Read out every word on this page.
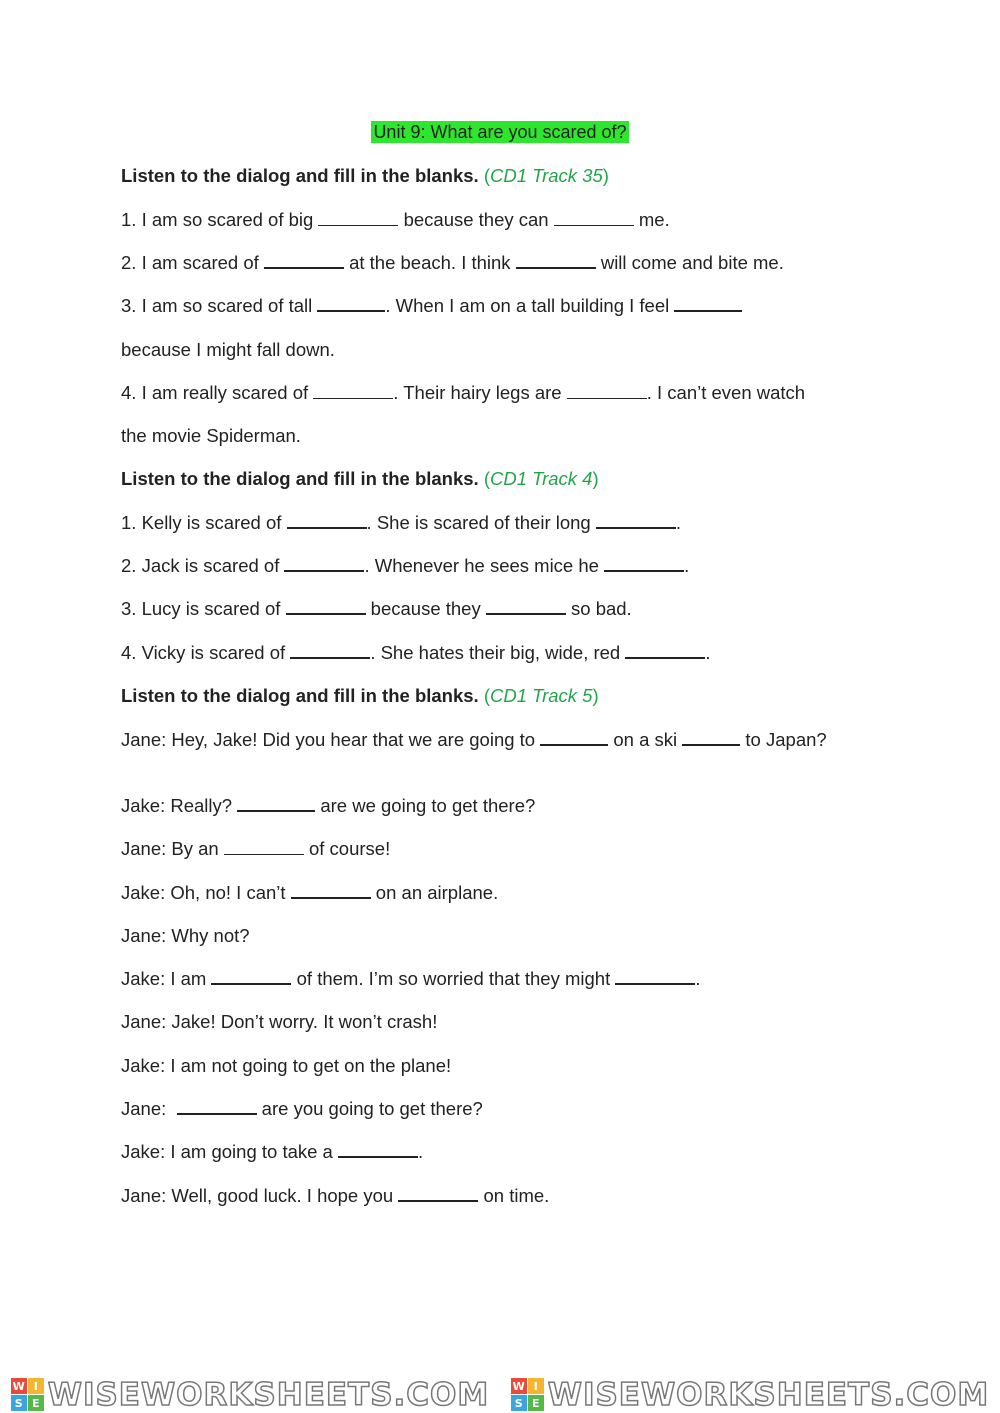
Unit 9: What are you scared of?
Listen to the dialog and fill in the blanks. (CD1 Track 35)
1. I am so scared of big	because they can	me.
2. I am scared of	at the beach. I think	will come and bite me.
3. I am so scared of tall	. When I am on a tall building I feel
because I might fall down.
4. I am really scared of	. Their hairy legs are	. I can’t even watch
the movie Spiderman.
Listen to the dialog and fill in the blanks. (CD1 Track 4)
1. Kelly is scared of	. She is scared of their long	.
2. Jack is scared of	. Whenever he sees mice he	.
3. Lucy is scared of	because they	so bad.
4. Vicky is scared of	. She hates their big, wide, red	.
Listen to the dialog and fill in the blanks. (CD1 Track 5)
Jane: Hey, Jake! Did you hear that we are going to	on a ski	to Japan?
Jake: Really?	are we going to get there?
Jane: By an	of course!
Jake: Oh, no! I can’t	on an airplane.
Jane: Why not?
Jake: I am	of them. I’m so worried that they might	.
Jane: Jake! Don’t worry. It won’t crash!
Jake: I am not going to get on the plane!
Jane:	are you going to get there?
Jake: I am going to take a	.
Jane: Well, good luck. I hope you	on time.
W I
S E WISEWORKSHEETS.COM W I
S E WISEWORKSHEETS.COM
